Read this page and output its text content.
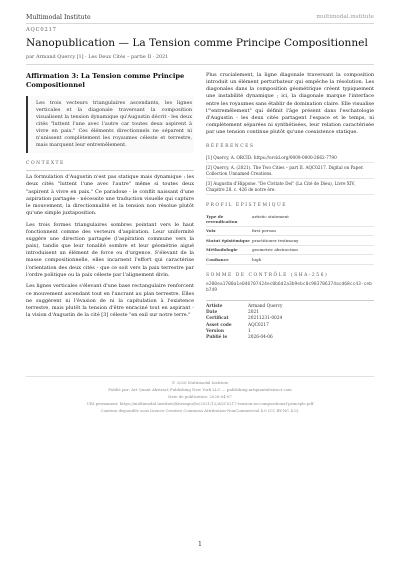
Multimodal Institute	multimodal.institute
AQC0217
Nanopublication — La Tension comme Principe Compositionnel
par Armand Quercy [1] · Les Deux Cités – partie II · 2021
Affirmation 3: La Tension comme Principe Compositionnel

Les trois vecteurs triangulaires ascendants, les lignes verticales et la diagonale traversant la composition visualisent la tension dynamique qu'Augustin décrit - les deux cités "luttent l'une avec l'autre car toutes deux aspirent à vivre en paix." Ces éléments directionnels ne séparent ni n'unissent complètement les royaumes céleste et terrestre, mais marquent leur entremêlement.

CONTEXTE

La formulation d'Augustin n'est pas statique mais dynamique : les deux cités "luttent l'une avec l'autre" même si toutes deux "aspirent à vivre en paix." Ce paradoxe - le conflit naissant d'une aspiration partagée - nécessite une traduction visuelle qui capture le mouvement, la directionnalité et la tension non résolue plutôt qu'une simple juxtaposition.

Les trois formes triangulaires sombres pointant vers le haut fonctionnent comme des vecteurs d'aspiration. Leur uniformité suggère une direction partagée (l'aspiration commune vers la paix), tandis que leur tonalité sombre et leur géométrie aiguë introduisent un élément de force ou d'urgence. S'élevant de la masse compositionnelle, elles incarnent l'effort qui caractérise l'orientation des deux cités - que ce soit vers la paix terrestre par l'ordre politique ou la paix céleste par l'alignement divin.

Les lignes verticales s'élevant d'une base rectangulaire renforcent ce mouvement ascendant tout en l'ancrant au plan terrestre. Elles ne suggèrent ni l'évasion de ni la capitulation à l'existence terrestre, mais plutôt la tension d'être enraciné tout en aspirant - la vision d'Augustin de la cité [3] céleste "en exil sur notre terre."

Plus crucialement, la ligne diagonale traversant la composition introduit un élément perturbateur qui empêche la résolution. Les diagonales dans la composition géométrique créent typiquement une instabilité dynamique ; ici, la diagonale marque l'interface entre les royaumes sans établir de domination claire. Elle visualise l'"entremêlement" qui définit l'âge présent dans l'eschatologie d'Augustin - les deux cités partagent l'espace et le temps, ni complètement séparées ni synthétisées, leur relation caractérisée par une tension continue plutôt qu'une coexistence statique.

RÉFÉRENCES
[1] Quercy, A. ORCID: https://orcid.org/0009-0000-2662-7790
[2] Quercy, A. (2021). The Two Cities – part II. AQC0217. Digital on Paper. Collection Unnamed Creations.
[3] Augustin d'Hippone. "De Civitate Dei" (La Cité de Dieu), Livre XIV, Chapitre 28. c. 426 de notre ère.
PROFIL ÉPISTÉMIQUE
Type de revendication	artistic statement
Voix	first person
Statut épistémique	practitioner testimony
Méthodologie	geometric abstraction
Confiance	high
SOMME DE CONTRÔLE (SHA-256)
e200ea1700a1e046707424ec0b6d2a3b9ebc0c983706374acd68cc43-cebb749
Artiste	Armand Quercy
Date	2021
Certificat	20211231-0024
Asset code	AQC0217
Version	1
Publié le	2026-04-06
© 2026 Multimodal Institute
Publié par: Art Quant Abstract Publishing New York LLC — publishing.artquantabstract.com
Date de publication: 2026-04-07
URI permanent: https://multimodal.institute/Kessmpu/hv/2021/12/AQC0217-tension-as-compositional-principle.pdf
Contenu disponible sous licence Creative Commons Attribution-NonCommercial 4.0 (CC BY-NC 4.0).
1
